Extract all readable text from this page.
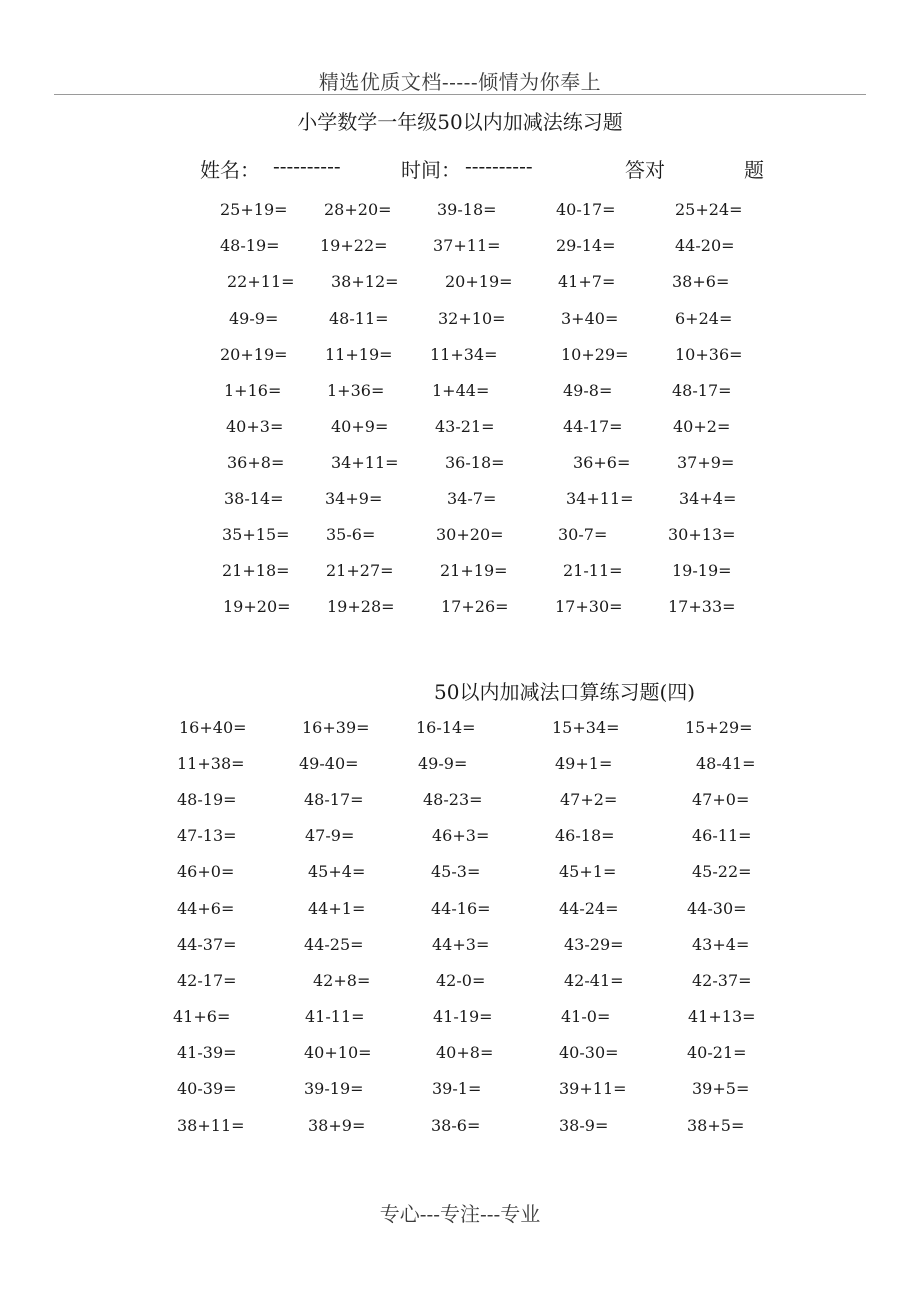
精选优质文档-----倾情为你奉上
小学数学一年级50以内加减法练习题
姓名： ----------	时间： ----------	答对	题
25+19= 28+20=	39-18=	40-17=	25+24=
48-19=	19+22=	37+11=	29-14=	44-20=
22+11= 38+12=	20+19=	41+7=	38+6=
49-9=	48-11=	32+10=	3+40=	6+24=
20+19= 11+19= 11+34=	10+29=	10+36=
1+16=	1+36=	1+44=	49-8=	48-17=
40+3=	40+9=	43-21=	44-17=	40+2=
36+8=	34+11=	36-18=	36+6=	37+9=
38-14=	34+9=	34-7=	34+11=	34+4=
35+15= 35-6=	30+20=	30-7=	30+13=
21+18= 21+27=	21+19=	21-11=	19-19=
19+20= 19+28=	17+26=	17+30=	17+33=
50以内加减法口算练习题(四)
16+40=	16+39=	16-14=	15+34=	15+29=
11+38=	49-40=	49-9=	49+1=	48-41=
48-19=	48-17=	48-23=	47+2=	47+0=
47-13=	47-9=	46+3=	46-18=	46-11=
46+0=	45+4=	45-3=	45+1=	45-22=
44+6=	44+1=	44-16=	44-24=	44-30=
44-37=	44-25=	44+3=	43-29=	43+4=
42-17=	42+8=	42-0=	42-41=	42-37=
41+6=	41-11=	41-19=	41-0=	41+13=
41-39=	40+10=	40+8=	40-30=	40-21=
40-39=	39-19=	39-1=	39+11=	39+5=
38+11=	38+9=	38-6=	38-9=	38+5=
专心---专注---专业
